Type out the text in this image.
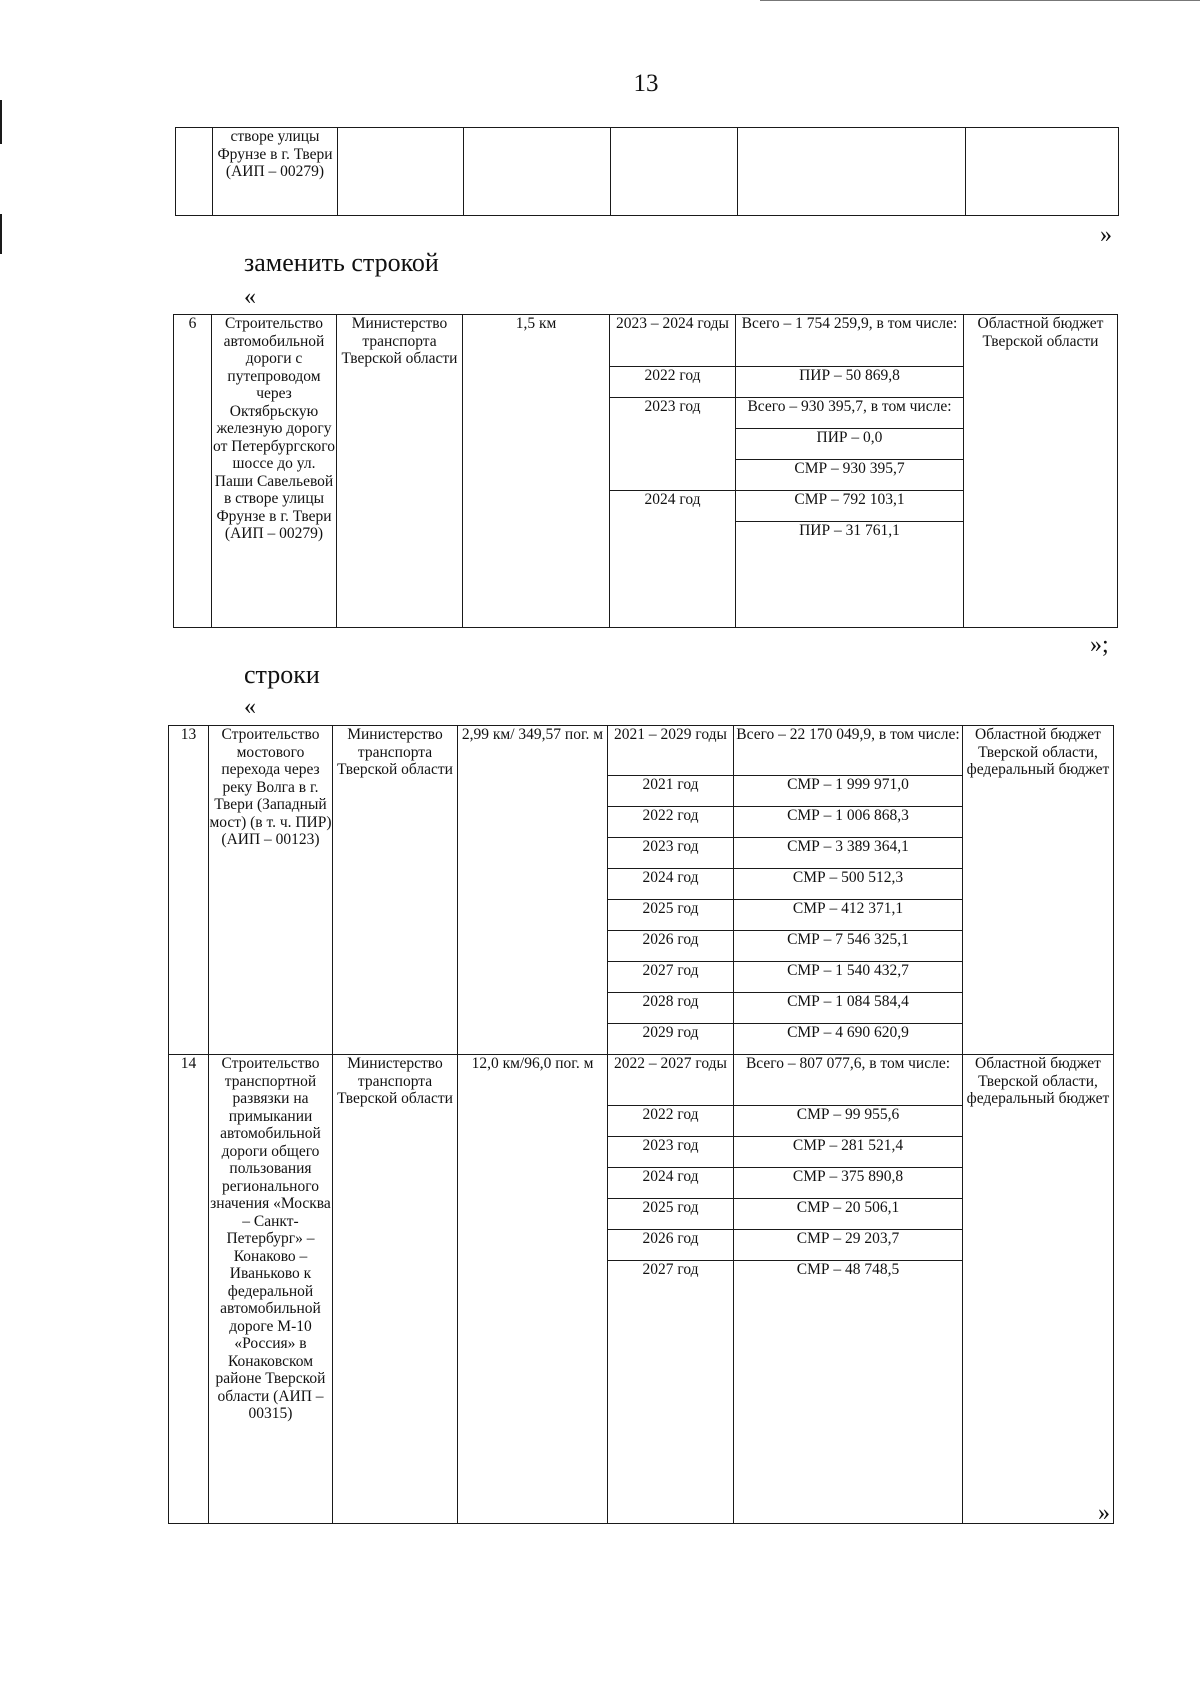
13
	створе улицы Фрунзе в г. Твери (АИП – 00279)					
»
заменить строкой
«
6	Строительство автомобильной дороги с путепроводом через Октябрьскую железную дорогу от Петербургского шоссе до ул. Паши Савельевой в створе улицы Фрунзе в г. Твери (АИП – 00279)	Министерство транспорта Тверской области	1,5 км	2023 – 2024 годы	Всего – 1 754 259,9, в том числе:	Областной бюджет Тверской области
				2022 год	ПИР – 50 869,8	
				2023 год	Всего – 930 395,7, в том числе:	
					ПИР – 0,0	
					СМР – 930 395,7	
				2024 год	СМР – 792 103,1	
					ПИР – 31 761,1	

»;
строки
«
13	Строительство мостового перехода через реку Волга в г. Твери (Западный мост) (в т. ч. ПИР) (АИП – 00123)	Министерство транспорта Тверской области	2,99 км/ 349,57 пог. м	2021 – 2029 годы	Всего – 22 170 049,9, в том числе:	Областной бюджет Тверской области, федеральный бюджет
				2021 год	СМР – 1 999 971,0	
				2022 год	СМР – 1 006 868,3	
				2023 год	СМР – 3 389 364,1	
				2024 год	СМР – 500 512,3	
				2025 год	СМР – 412 371,1	
				2026 год	СМР – 7 546 325,1	
				2027 год	СМР – 1 540 432,7	
				2028 год	СМР – 1 084 584,4	
				2029 год	СМР – 4 690 620,9	
14	Строительство транспортной развязки на примыкании автомобильной дороги общего пользования регионального значения «Москва – Санкт-Петербург» – Конаково – Иваньково к федеральной автомобильной дороге М-10 «Россия» в Конаковском районе Тверской области (АИП – 00315)	Министерство транспорта Тверской области	12,0 км/96,0 пог. м	2022 – 2027 годы	Всего – 807 077,6, в том числе:	Областной бюджет Тверской области, федеральный бюджет
				2022 год	СМР – 99 955,6	
				2023 год	СМР – 281 521,4	
				2024 год	СМР – 375 890,8	
				2025 год	СМР – 20 506,1	
				2026 год	СМР – 29 203,7	
				2027 год	СМР – 48 748,5	

»
